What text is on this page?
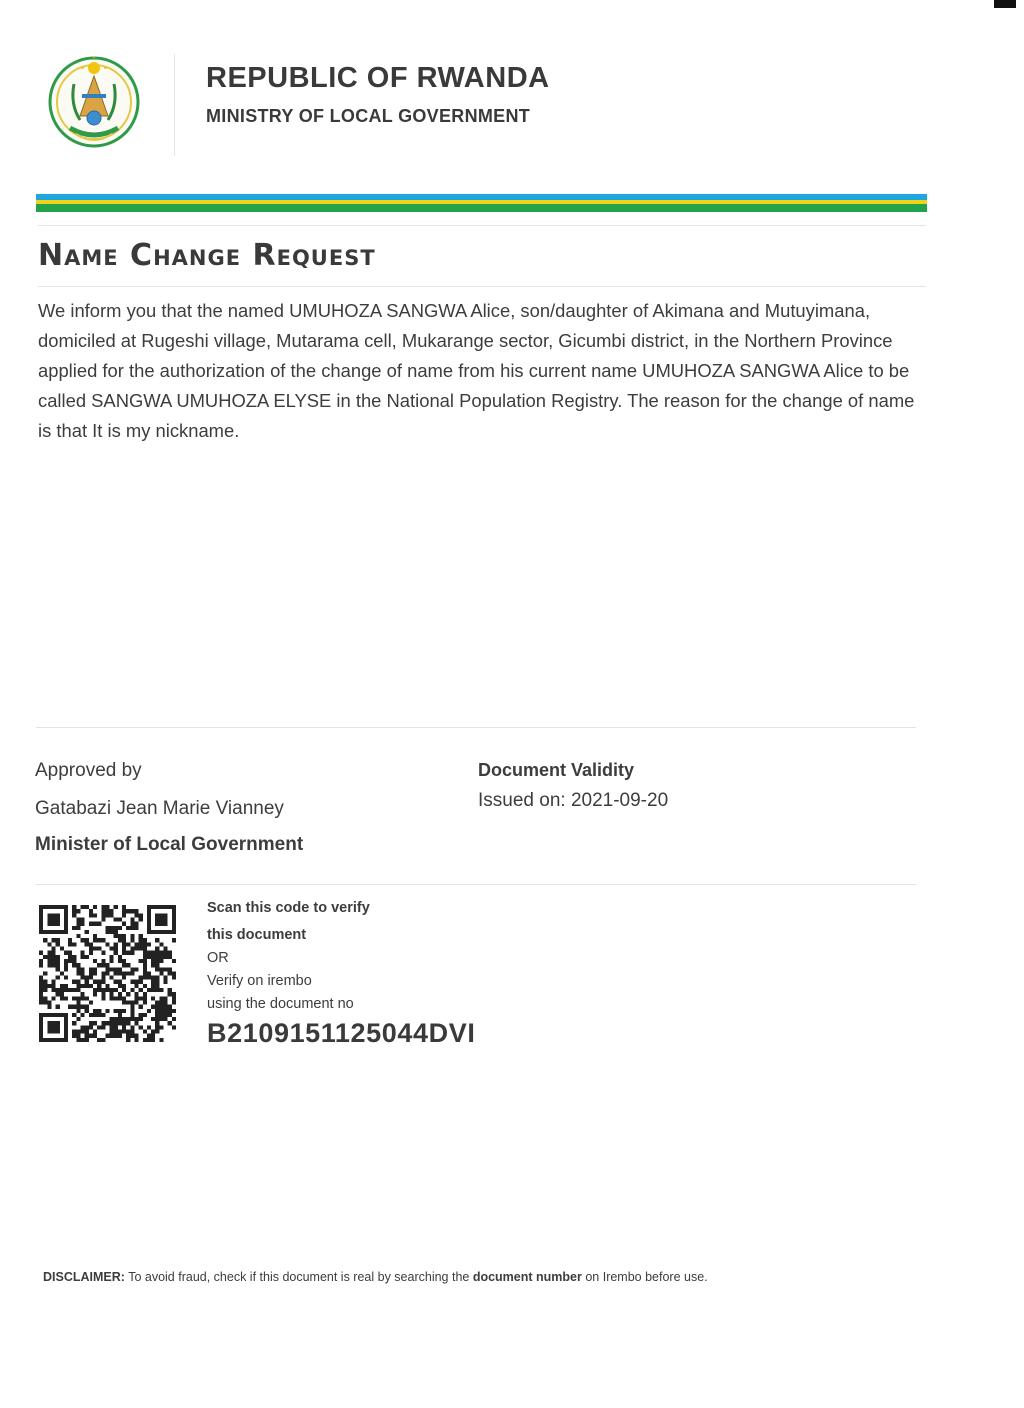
REPUBLIC OF RWANDA
MINISTRY OF LOCAL GOVERNMENT
Name Change Request
We inform you that the named UMUHOZA SANGWA Alice, son/daughter of Akimana and Mutuyimana, domiciled at Rugeshi village, Mutarama cell, Mukarange sector, Gicumbi district, in the Northern Province applied for the authorization of the change of name from his current name UMUHOZA SANGWA Alice to be called SANGWA UMUHOZA ELYSE in the National Population Registry. The reason for the change of name is that It is my nickname.
Approved by
Gatabazi Jean Marie Vianney
Minister of Local Government
Document Validity
Issued on: 2021-09-20
Scan this code to verify
this document
OR
Verify on irembo
using the document no
B2109151125044DVI
DISCLAIMER: To avoid fraud, check if this document is real by searching the document number on Irembo before use.
